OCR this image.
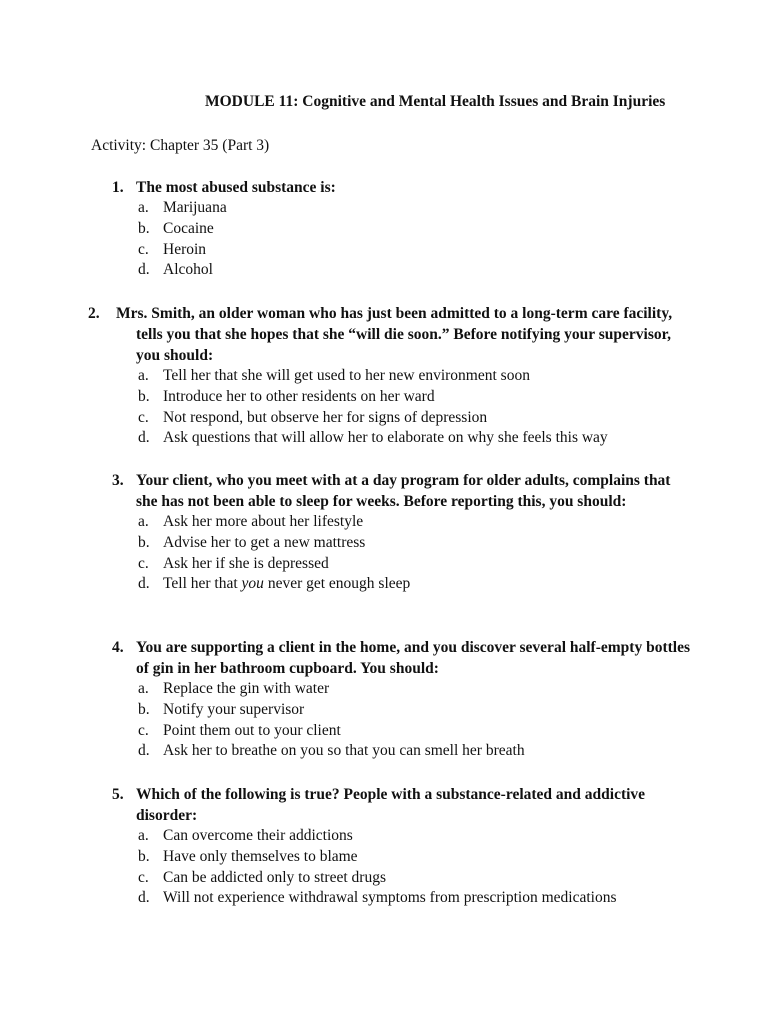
MODULE 11: Cognitive and Mental Health Issues and Brain Injuries
Activity: Chapter 35 (Part 3)
1. The most abused substance is:
a. Marijuana
b. Cocaine
c. Heroin
d. Alcohol
2. Mrs. Smith, an older woman who has just been admitted to a long-term care facility, tells you that she hopes that she “will die soon.” Before notifying your supervisor, you should:
a. Tell her that she will get used to her new environment soon
b. Introduce her to other residents on her ward
c. Not respond, but observe her for signs of depression
d. Ask questions that will allow her to elaborate on why she feels this way
3. Your client, who you meet with at a day program for older adults, complains that she has not been able to sleep for weeks. Before reporting this, you should:
a. Ask her more about her lifestyle
b. Advise her to get a new mattress
c. Ask her if she is depressed
d. Tell her that you never get enough sleep
4. You are supporting a client in the home, and you discover several half-empty bottles of gin in her bathroom cupboard. You should:
a. Replace the gin with water
b. Notify your supervisor
c. Point them out to your client
d. Ask her to breathe on you so that you can smell her breath
5. Which of the following is true? People with a substance-related and addictive disorder:
a. Can overcome their addictions
b. Have only themselves to blame
c. Can be addicted only to street drugs
d. Will not experience withdrawal symptoms from prescription medications
